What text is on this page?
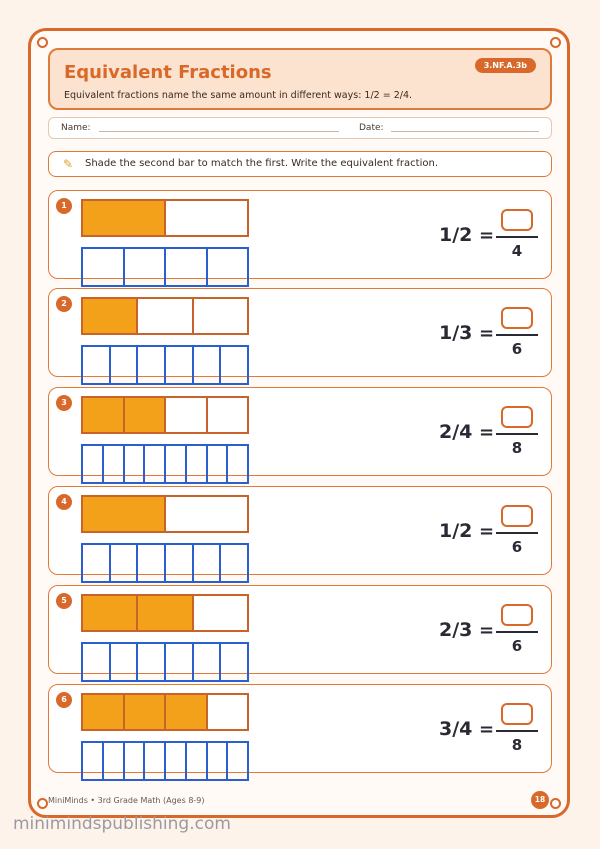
Equivalent Fractions
Equivalent fractions name the same amount in different ways: 1/2 = 2/4.
3.NF.A.3b
Name:	Date:
✎ Shade the second bar to match the first. Write the equivalent fraction.
1
1/2 =
4
2
1/3 =
6
3
2/4 =
8
4
1/2 =
6
5
2/3 =
6
6
3/4 =
8
MiniMinds • 3rd Grade Math (Ages 8-9)	18
minimindspublishing.com
